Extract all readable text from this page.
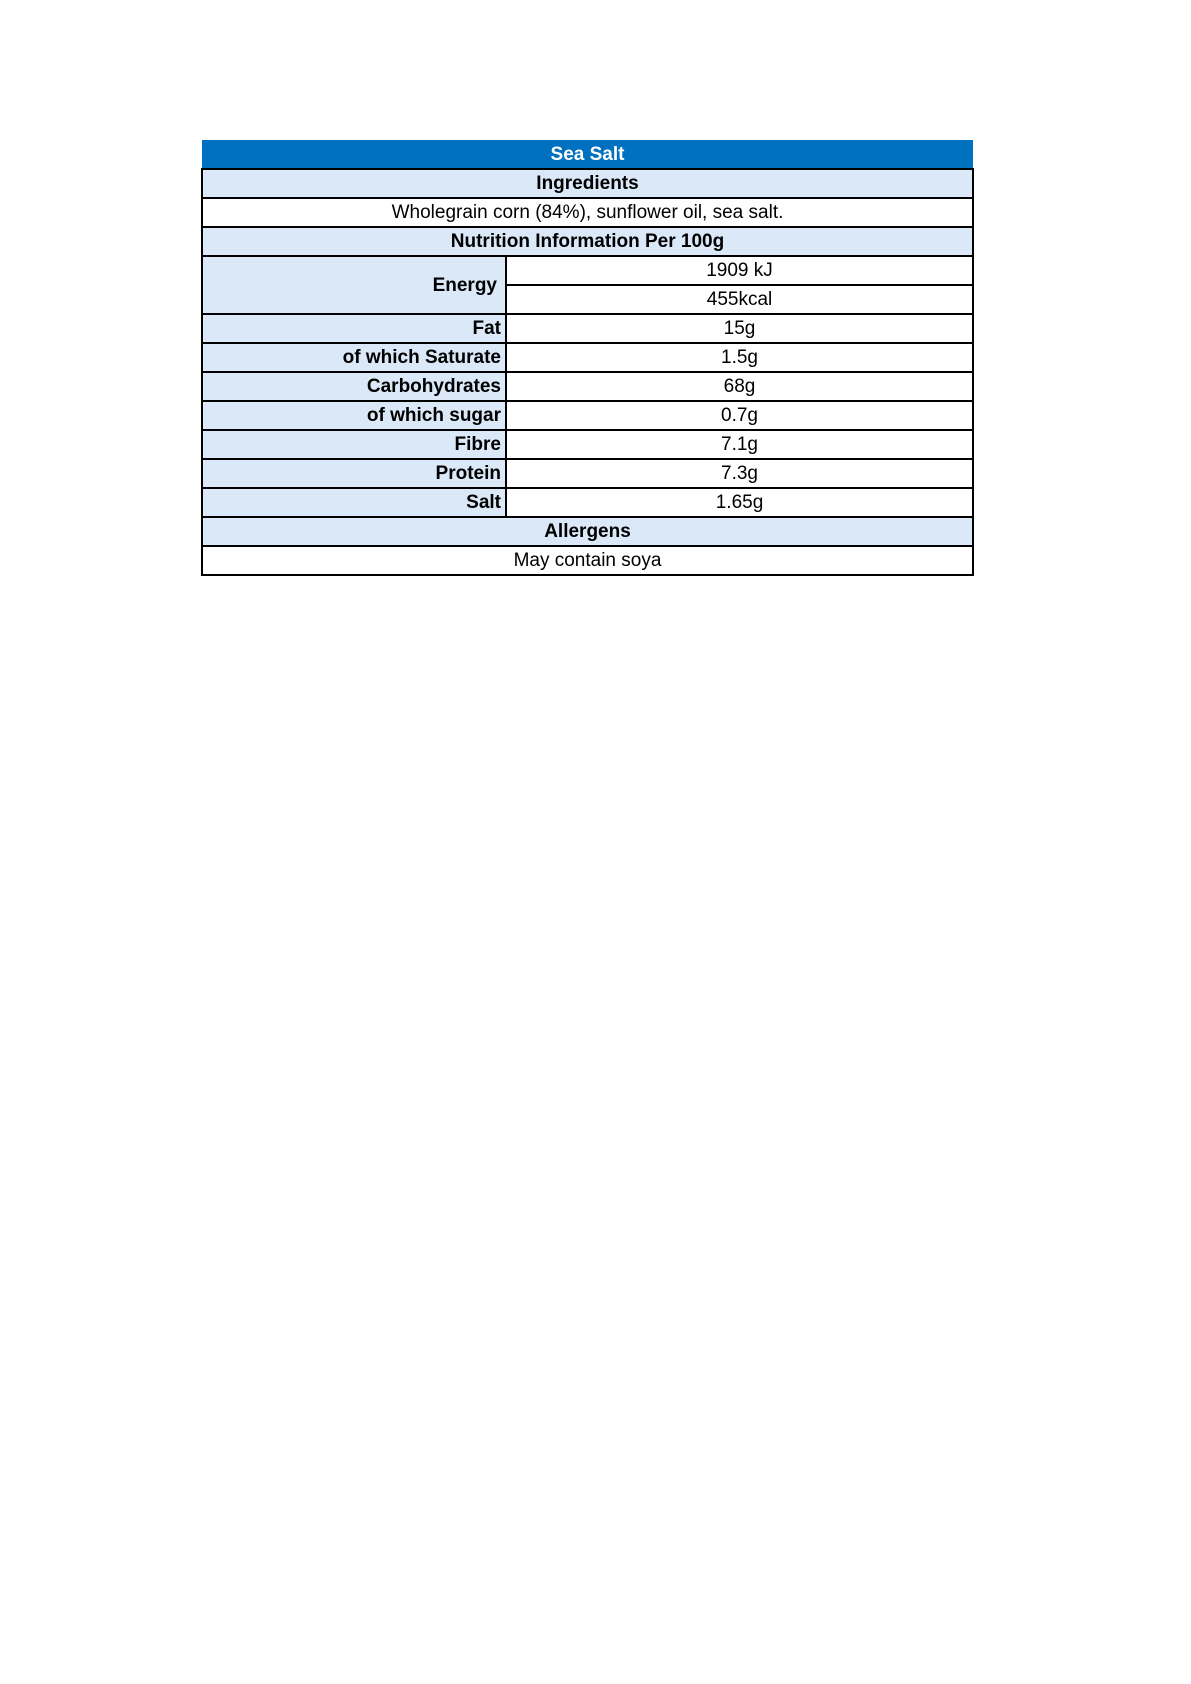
Sea Salt	
Ingredients	
Wholegrain corn (84%), sunflower oil, sea salt.	
Nutrition Information Per 100g	
Energy	1909 kJ
	455kcal
Fat	15g
of which Saturate	1.5g
Carbohydrates	68g
of which sugar	0.7g
Fibre	7.1g
Protein	7.3g
Salt	1.65g
Allergens	
May contain soya	
